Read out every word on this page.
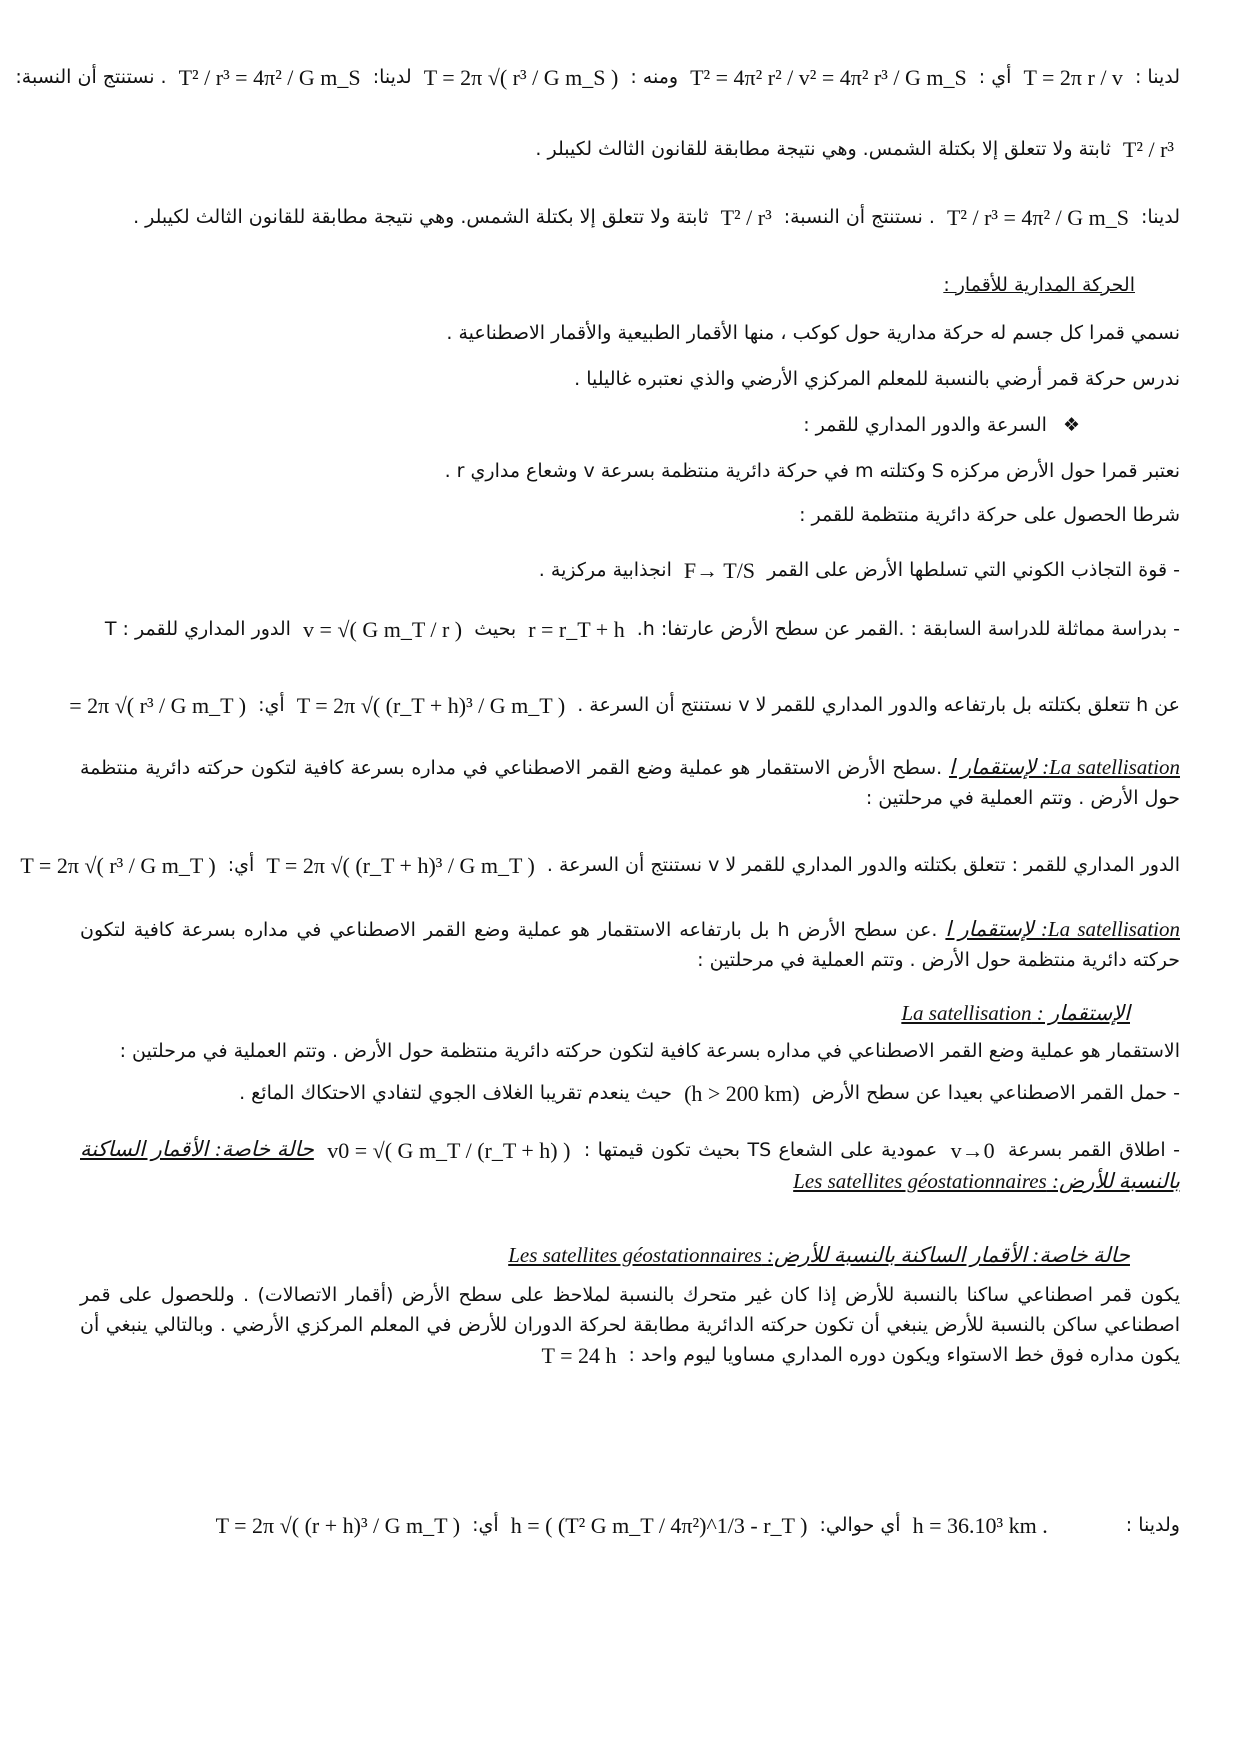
لدينا : T = 2π r / v أي : T² = 4π² r² / v² = 4π² r³ / G m_S ومنه : T = 2π √( r³ / G m_S ) لدينا: T² / r³ = 4π² / G m_S . نستنتج أن النسبة:
T² / r³ ثابتة ولا تتعلق إلا بكتلة الشمس. وهي نتيجة مطابقة للقانون الثالث لكيبلر .
لدينا: T² / r³ = 4π² / G m_S . نستنتج أن النسبة: T² / r³ ثابتة ولا تتعلق إلا بكتلة الشمس. وهي نتيجة مطابقة للقانون الثالث لكيبلر .
الحركة المدارية للأقمار :
نسمي قمرا كل جسم له حركة مدارية حول كوكب ، منها الأقمار الطبيعية والأقمار الاصطناعية .
ندرس حركة قمر أرضي بالنسبة للمعلم المركزي الأرضي والذي نعتبره غاليليا .
❖ السرعة والدور المداري للقمر :
نعتبر قمرا حول الأرض مركزه S وكتلته m في حركة دائرية منتظمة بسرعة v وشعاع مداري r .
شرطا الحصول على حركة دائرية منتظمة للقمر :
- قوة التجاذب الكوني التي تسلطها الأرض على القمر F→ T/S انجذابية مركزية .
- بدراسة مماثلة للدراسة السابقة : .القمر عن سطح الأرض عارتفا: h. r = r_T + h بحيث v = √( G m_T / r ) الدور المداري للقمر : T
عن h تتعلق بكتلته بل بارتفاعه والدور المداري للقمر لا v نستنتج أن السرعة . T = 2π √( (r_T + h)³ / G m_T ) أي: = 2π √( r³ / G m_T )
La satellisation: لإستقمار ا .سطح الأرض الاستقمار هو عملية وضع القمر الاصطناعي في مداره بسرعة كافية لتكون حركته دائرية منتظمة حول الأرض . وتتم العملية في مرحلتين :
الدور المداري للقمر : تتعلق بكتلته والدور المداري للقمر لا v نستنتج أن السرعة . T = 2π √( (r_T + h)³ / G m_T ) أي: T = 2π √( r³ / G m_T )
La satellisation: لإستقمار ا .عن سطح الأرض h بل بارتفاعه الاستقمار هو عملية وضع القمر الاصطناعي في مداره بسرعة كافية لتكون حركته دائرية منتظمة حول الأرض . وتتم العملية في مرحلتين :
الإستقمار : La satellisation
الاستقمار هو عملية وضع القمر الاصطناعي في مداره بسرعة كافية لتكون حركته دائرية منتظمة حول الأرض . وتتم العملية في مرحلتين :
- حمل القمر الاصطناعي بعيدا عن سطح الأرض (h > 200 km) حيث ينعدم تقريبا الغلاف الجوي لتفادي الاحتكاك المائع .
- اطلاق القمر بسرعة v→0 عمودية على الشعاع TS بحيث تكون قيمتها : v0 = √( G m_T / (r_T + h) ) حالة خاصة: الأقمار الساكنة بالنسبة للأرض: Les satellites géostationnaires
حالة خاصة: الأقمار الساكنة بالنسبة للأرض: Les satellites géostationnaires
يكون قمر اصطناعي ساكنا بالنسبة للأرض إذا كان غير متحرك بالنسبة لملاحظ على سطح الأرض (أقمار الاتصالات) . وللحصول على قمر اصطناعي ساكن بالنسبة للأرض ينبغي أن تكون حركته الدائرية مطابقة لحركة الدوران للأرض في المعلم المركزي الأرضي . وبالتالي ينبغي أن يكون مداره فوق خط الاستواء ويكون دوره المداري مساويا ليوم واحد : T = 24 h
ولدينا :  h = 36.10³ km . أي حوالي: h = ( (T² G m_T / 4π²)^1/3 - r_T ) أي: T = 2π √( (r + h)³ / G m_T )
